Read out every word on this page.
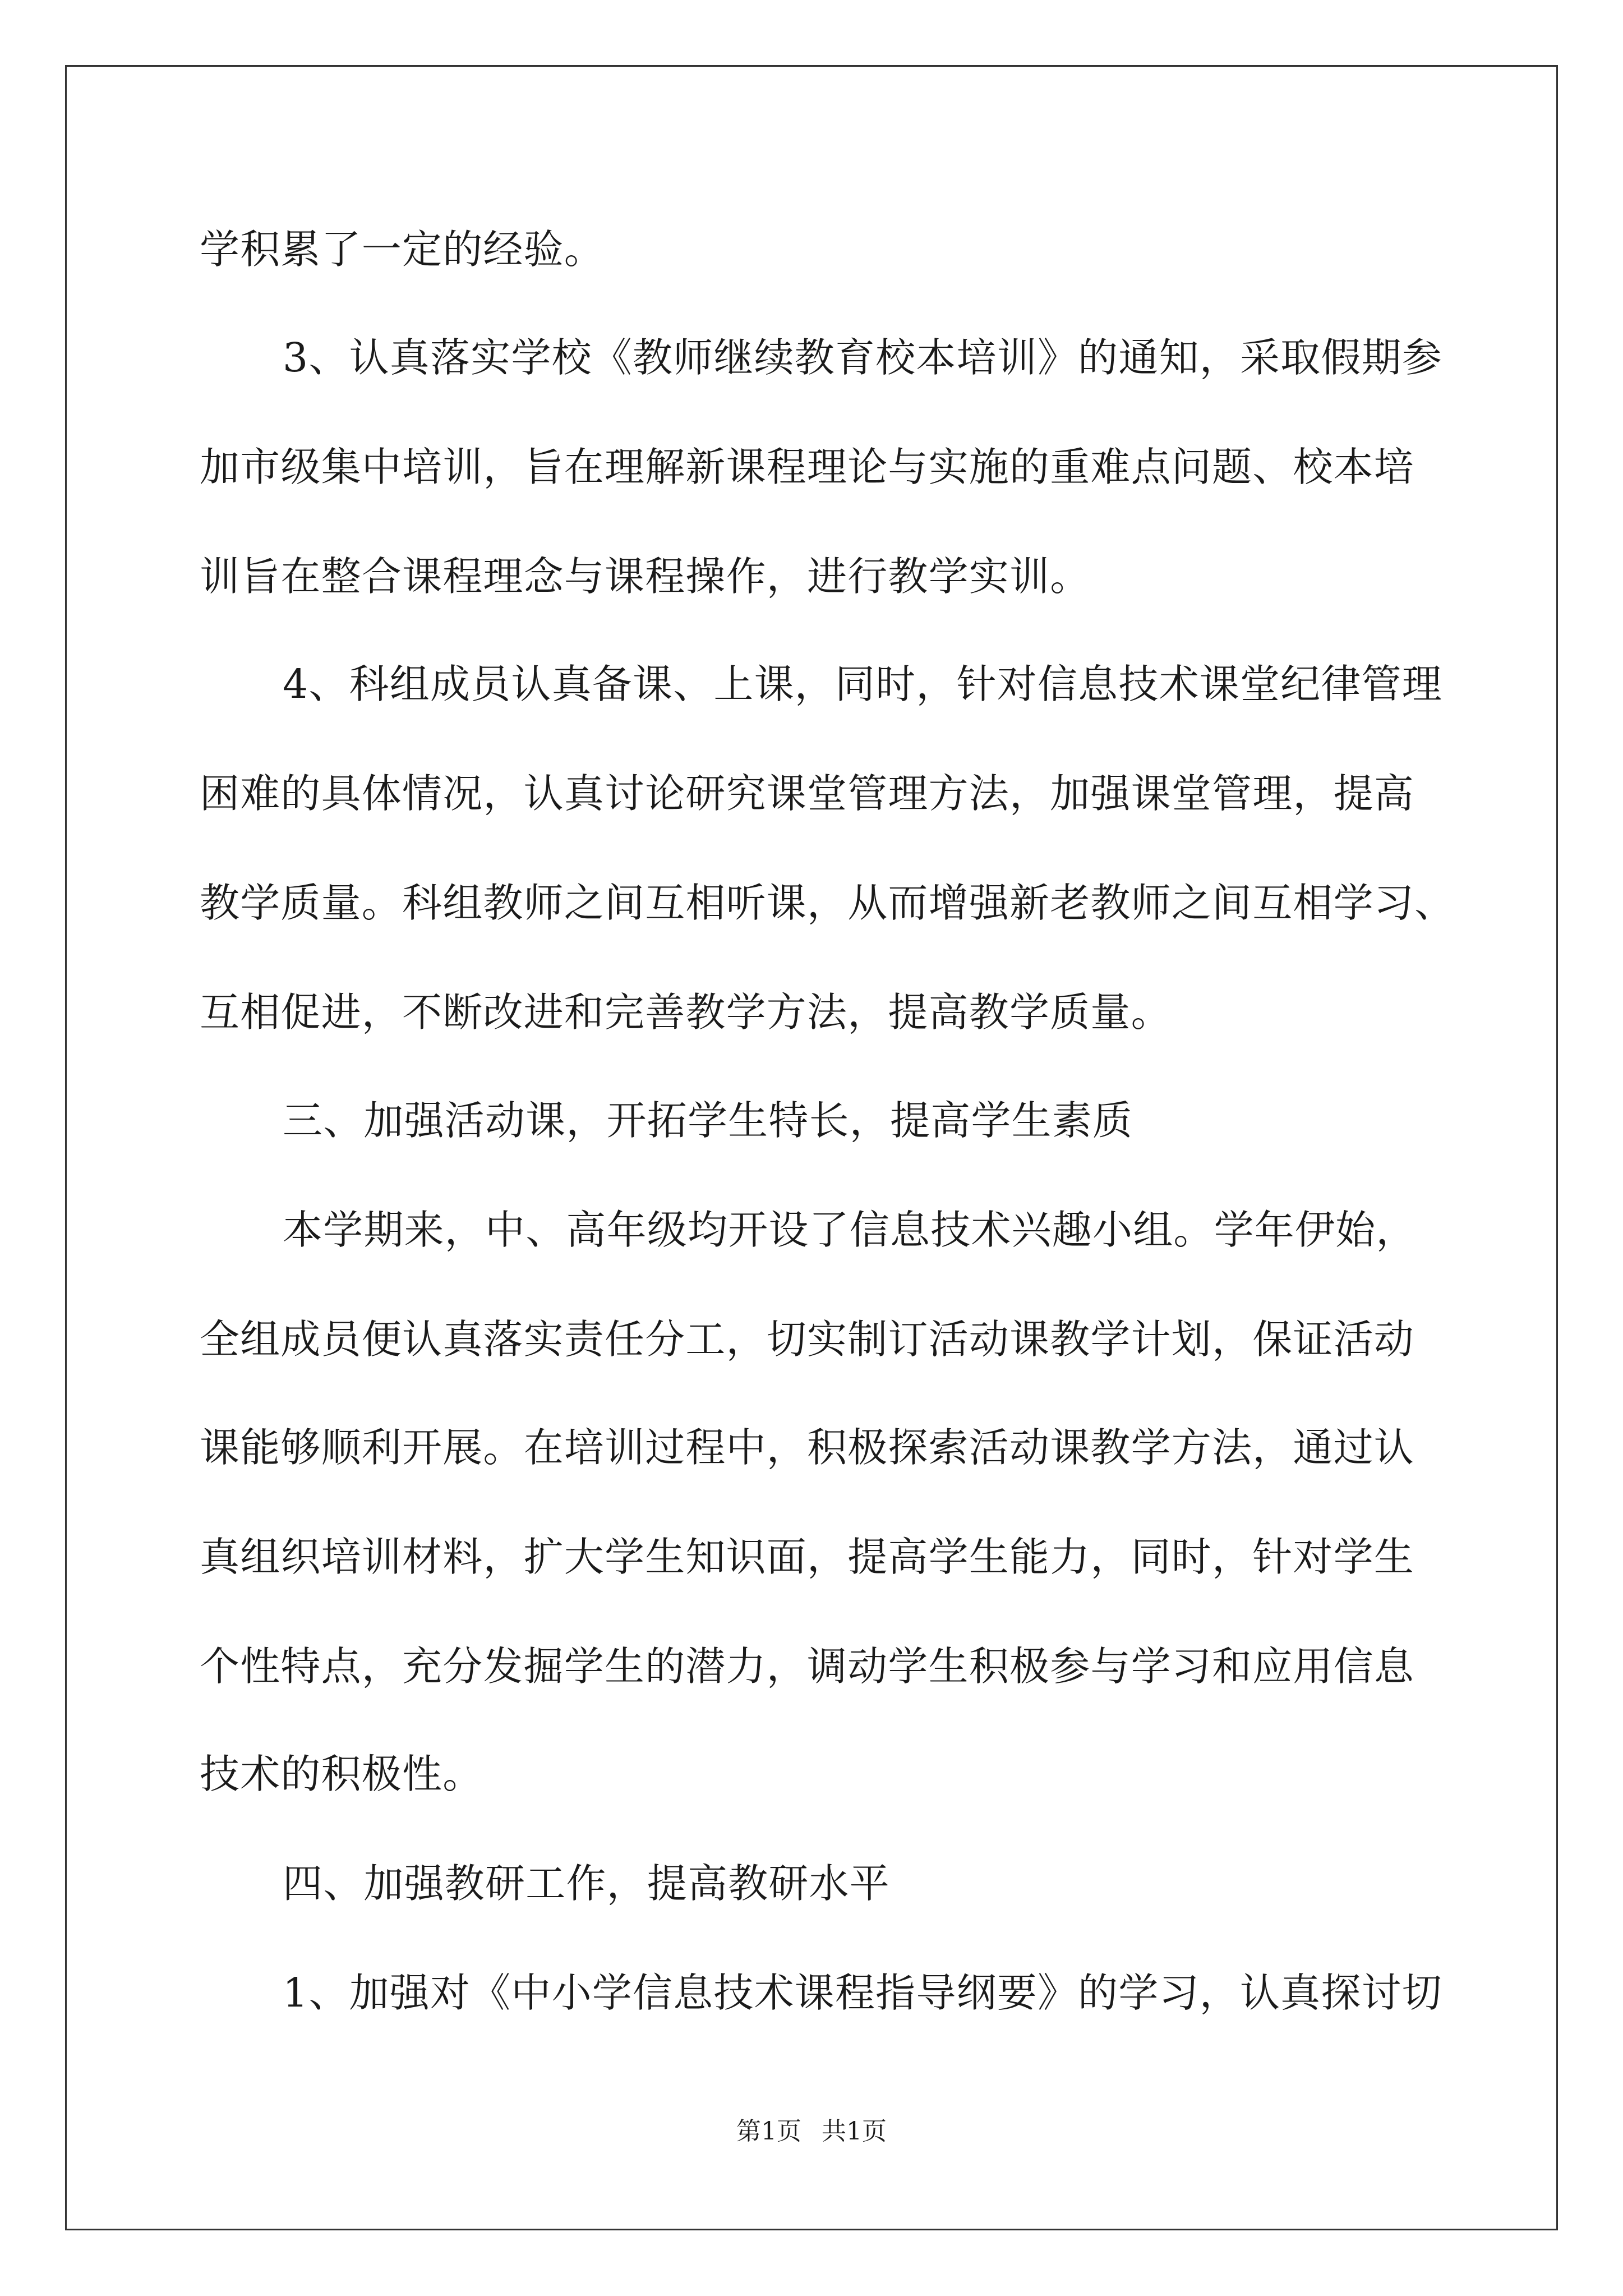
学积累了一定的经验。
3、认真落实学校《教师继续教育校本培训》的通知，采取假期参
加市级集中培训，旨在理解新课程理论与实施的重难点问题、校本培
训旨在整合课程理念与课程操作，进行教学实训。
4、科组成员认真备课、上课，同时，针对信息技术课堂纪律管理
困难的具体情况，认真讨论研究课堂管理方法，加强课堂管理，提高
教学质量。科组教师之间互相听课，从而增强新老教师之间互相学习、
互相促进，不断改进和完善教学方法，提高教学质量。
三、加强活动课，开拓学生特长，提高学生素质
本学期来，中、高年级均开设了信息技术兴趣小组。学年伊始，
全组成员便认真落实责任分工，切实制订活动课教学计划，保证活动
课能够顺利开展。在培训过程中，积极探索活动课教学方法，通过认
真组织培训材料，扩大学生知识面，提高学生能力，同时，针对学生
个性特点，充分发掘学生的潜力，调动学生积极参与学习和应用信息
技术的积极性。
四、加强教研工作，提高教研水平
1、加强对《中小学信息技术课程指导纲要》的学习，认真探讨切
第1页 共1页
